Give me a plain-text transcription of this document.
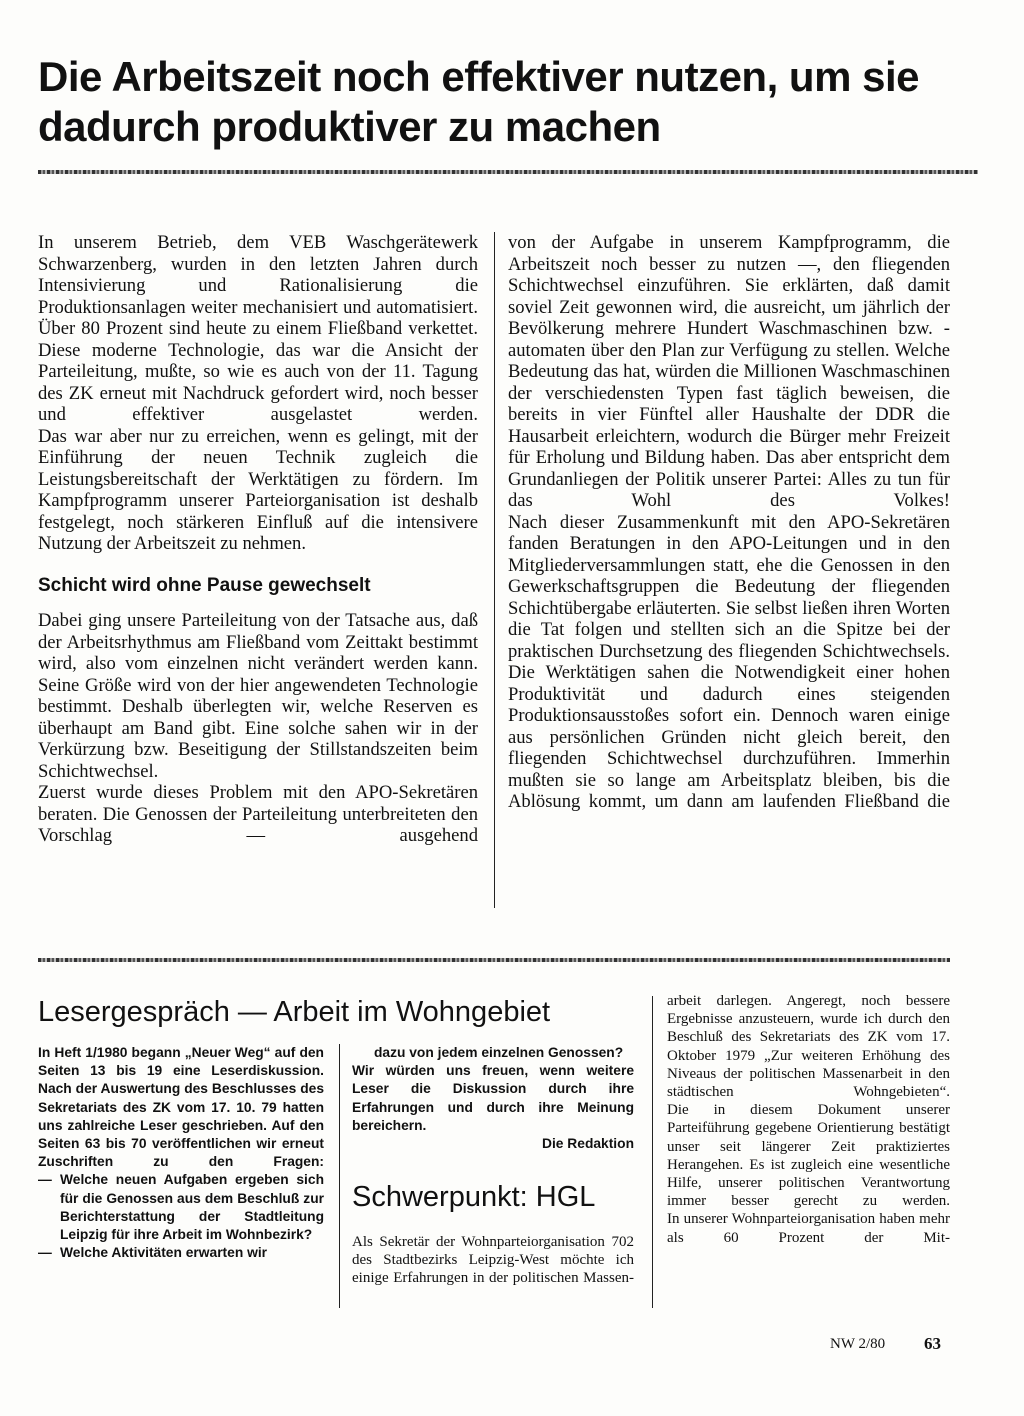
Die Arbeitszeit noch effektiver nutzen, um sie dadurch produktiver zu machen

In unserem Betrieb, dem VEB Waschgerätewerk Schwarzenberg, wurden in den letzten Jahren durch Intensivierung und Rationalisierung die Produktionsanlagen weiter mechanisiert und automatisiert. Über 80 Prozent sind heute zu einem Fließband verkettet. Diese moderne Technologie, das war die Ansicht der Parteileitung, mußte, so wie es auch von der 11. Tagung des ZK erneut mit Nachdruck gefordert wird, noch besser und effektiver ausgelastet werden.

Das war aber nur zu erreichen, wenn es gelingt, mit der Einführung der neuen Technik zugleich die Leistungsbereitschaft der Werktätigen zu fördern. Im Kampfprogramm unserer Parteiorganisation ist deshalb festgelegt, noch stärkeren Einfluß auf die intensivere Nutzung der Arbeitszeit zu nehmen.

Schicht wird ohne Pause gewechselt

Dabei ging unsere Parteileitung von der Tatsache aus, daß der Arbeitsrhythmus am Fließband vom Zeittakt bestimmt wird, also vom einzelnen nicht verändert werden kann. Seine Größe wird von der hier angewendeten Technologie bestimmt. Deshalb überlegten wir, welche Reserven es überhaupt am Band gibt. Eine solche sahen wir in der Verkürzung bzw. Beseitigung der Stillstandszeiten beim Schichtwechsel.

Zuerst wurde dieses Problem mit den APO-Sekretären beraten. Die Genossen der Parteileitung unterbreiteten den Vorschlag — ausgehend

von der Aufgabe in unserem Kampfprogramm, die Arbeitszeit noch besser zu nutzen —, den fliegenden Schichtwechsel einzuführen. Sie erklärten, daß damit soviel Zeit gewonnen wird, die ausreicht, um jährlich der Bevölkerung mehrere Hundert Waschmaschinen bzw. -automaten über den Plan zur Verfügung zu stellen. Welche Bedeutung das hat, würden die Millionen Waschmaschinen der verschiedensten Typen fast täglich beweisen, die bereits in vier Fünftel aller Haushalte der DDR die Hausarbeit erleichtern, wodurch die Bürger mehr Freizeit für Erholung und Bildung haben. Das aber entspricht dem Grundanliegen der Politik unserer Partei: Alles zu tun für das Wohl des Volkes!

Nach dieser Zusammenkunft mit den APO-Sekretären fanden Beratungen in den APO-Leitungen und in den Mitgliederversammlungen statt, ehe die Genossen in den Gewerkschaftsgruppen die Bedeutung der fliegenden Schichtübergabe erläuterten. Sie selbst ließen ihren Worten die Tat folgen und stellten sich an die Spitze bei der praktischen Durchsetzung des fliegenden Schichtwechsels.

Die Werktätigen sahen die Notwendigkeit einer hohen Produktivität und dadurch eines steigenden Produktionsausstoßes sofort ein. Dennoch waren einige aus persönlichen Gründen nicht gleich bereit, den fliegenden Schichtwechsel durchzuführen. Immerhin mußten sie so lange am Arbeitsplatz bleiben, bis die Ablösung kommt, um dann am laufenden Fließband die

Lesergespräch — Arbeit im Wohngebiet

In Heft 1/1980 begann „Neuer Weg“ auf den Seiten 13 bis 19 eine Leserdiskussion. Nach der Auswertung des Beschlusses des Sekretariats des ZK vom 17. 10. 79 hatten uns zahlreiche Leser geschrieben. Auf den Seiten 63 bis 70 veröffentlichen wir erneut Zuschriften zu den Fragen:

— Welche neuen Aufgaben ergeben sich für die Genossen aus dem Beschluß zur Berichterstattung der Stadtleitung Leipzig für ihre Arbeit im Wohnbezirk?

— Welche Aktivitäten erwarten wir

dazu von jedem einzelnen Genossen?

Wir würden uns freuen, wenn weitere Leser die Diskussion durch ihre Erfahrungen und durch ihre Meinung bereichern.

Die Redaktion
Schwerpunkt: HGL

Als Sekretär der Wohnparteiorganisation 702 des Stadtbezirks Leipzig-West möchte ich einige Erfahrungen in der politischen Massen-

arbeit darlegen. Angeregt, noch bessere Ergebnisse anzusteuern, wurde ich durch den Beschluß des Sekretariats des ZK vom 17. Oktober 1979 „Zur weiteren Erhöhung des Niveaus der politischen Massenarbeit in den städtischen Wohngebieten“.

Die in diesem Dokument unserer Parteiführung gegebene Orientierung bestätigt unser seit längerer Zeit praktiziertes Herangehen. Es ist zugleich eine wesentliche Hilfe, unserer politischen Verantwortung immer besser gerecht zu werden.

In unserer Wohnparteiorganisation haben mehr als 60 Prozent der Mit-

NW 2/80 63
